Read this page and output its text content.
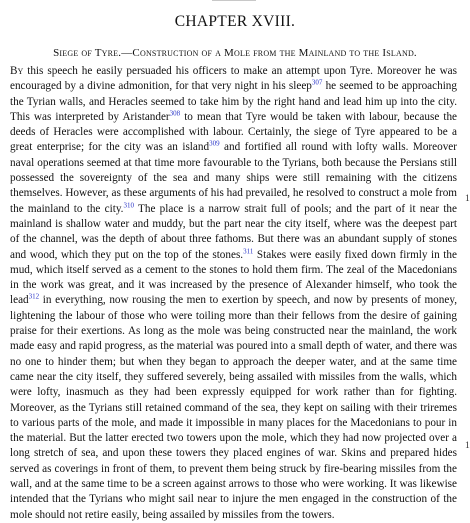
CHAPTER XVIII.
Siege of Tyre.—Construction of a Mole from the Mainland to the Island.

By this speech he easily persuaded his officers to make an attempt upon Tyre. Moreover he was encouraged by a divine admonition, for that very night in his sleep$^{307}$ he seemed to be approaching the Tyrian walls, and Heracles seemed to take him by the right hand and lead him up into the city. This was interpreted by Aristander$^{308}$ to mean that Tyre would be taken with labour, because the deeds of Heracles were accomplished with labour. Certainly, the siege of Tyre appeared to be a great enterprise; for the city was an island$^{309}$ and fortified all round with lofty walls. Moreover naval operations seemed at that time more favourable to the Tyrians, both because the Persians still possessed the sovereignty of the sea and many ships were still remaining with the citizens themselves. However, as these arguments of his had prevailed, he resolved to construct a mole from the mainland to the city.$^{310}$ The place is a narrow strait full of pools; and the part of it near the mainland is shallow water and muddy, but the part near the city itself, where was the deepest part of the channel, was the depth of about three fathoms. But there was an abundant supply of stones and wood, which they put on the top of the stones.$^{311}$ Stakes were easily fixed down firmly in the mud, which itself served as a cement to the stones to hold them firm. The zeal of the Macedonians in the work was great, and it was increased by the presence of Alexander himself, who took the lead$^{312}$ in everything, now rousing the men to exertion by speech, and now by presents of money, lightening the labour of those who were toiling more than their fellows from the desire of gaining praise for their exertions. As long as the mole was being constructed near the mainland, the work made easy and rapid progress, as the material was poured into a small depth of water, and there was no one to hinder them; but when they began to approach the deeper water, and at the same time came near the city itself, they suffered severely, being assailed with missiles from the walls, which were lofty, inasmuch as they had been expressly equipped for work rather than for fighting. Moreover, as the Tyrians still retained command of the sea, they kept on sailing with their triremes to various parts of the mole, and made it impossible in many places for the Macedonians to pour in the material. But the latter erected two towers upon the mole, which they had now projected over a long stretch of sea, and upon these towers they placed engines of war. Skins and prepared hides served as coverings in front of them, to prevent them being struck by fire-bearing missiles from the wall, and at the same time to be a screen against arrows to those who were working. It was likewise intended that the Tyrians who might sail near to injure the men engaged in the construction of the mole should not retire easily, being assailed by missiles from the towers.

1
1
